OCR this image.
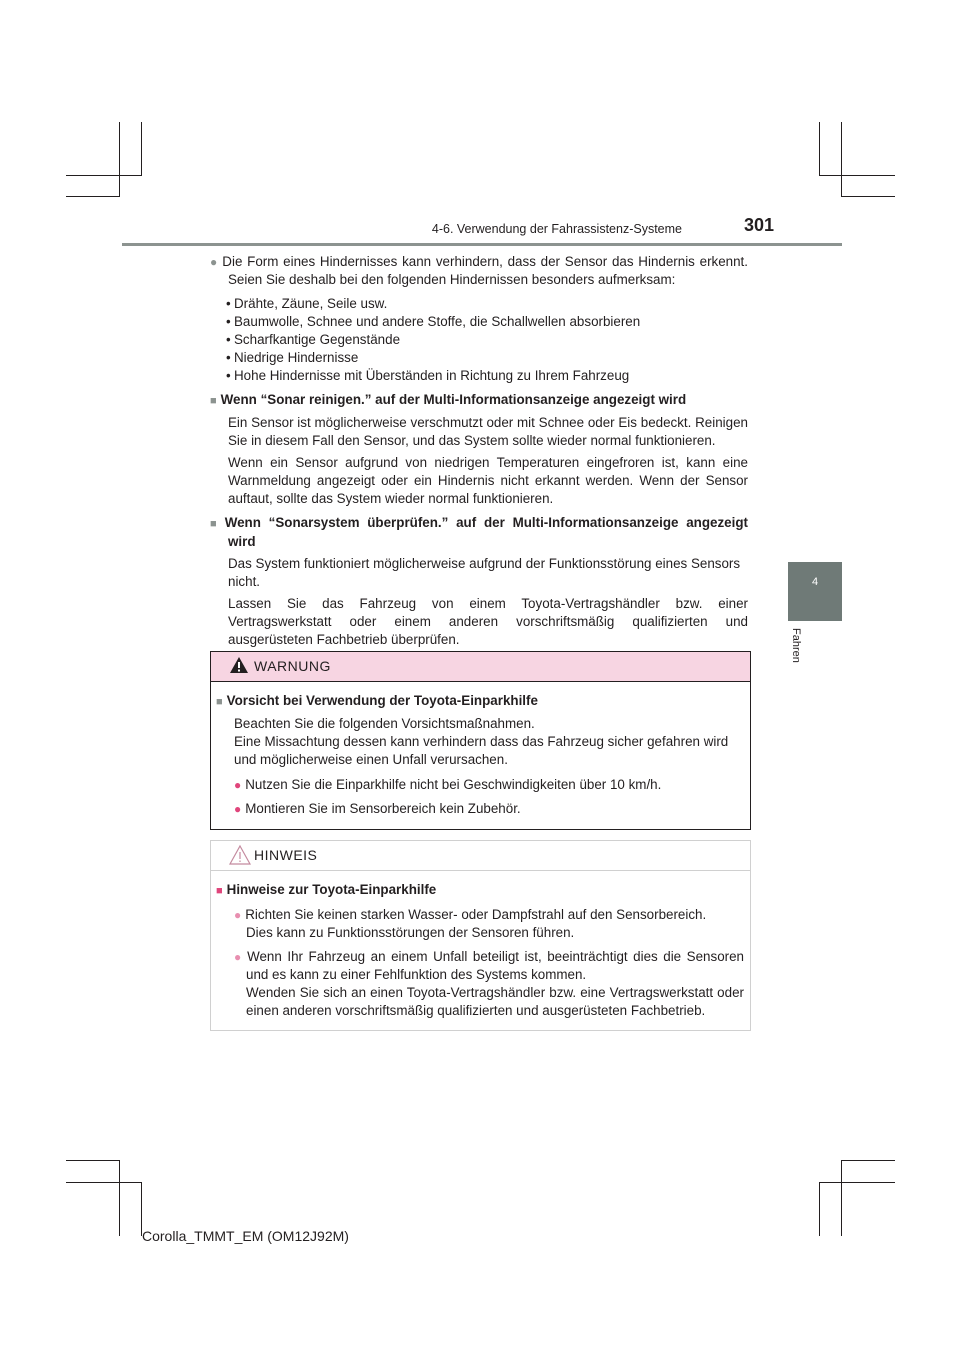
4-6. Verwendung der Fahrassistenz-Systeme	301
4
Fahren

● Die Form eines Hindernisses kann verhindern, dass der Sensor das Hindernis erkennt. Seien Sie deshalb bei den folgenden Hindernissen besonders aufmerksam:

• Drähte, Zäune, Seile usw.
• Baumwolle, Schnee und andere Stoffe, die Schallwellen absorbieren
• Scharfkantige Gegenstände
• Niedrige Hindernisse
• Hohe Hindernisse mit Überständen in Richtung zu Ihrem Fahrzeug

■ Wenn “Sonar reinigen.” auf der Multi-Informationsanzeige angezeigt wird

Ein Sensor ist möglicherweise verschmutzt oder mit Schnee oder Eis bedeckt. Reinigen Sie in diesem Fall den Sensor, und das System sollte wieder normal funktionieren.

Wenn ein Sensor aufgrund von niedrigen Temperaturen eingefroren ist, kann eine Warnmeldung angezeigt oder ein Hindernis nicht erkannt werden. Wenn der Sensor auftaut, sollte das System wieder normal funktionieren.

■ Wenn “Sonarsystem überprüfen.” auf der Multi-Informationsanzeige angezeigt wird

Das System funktioniert möglicherweise aufgrund der Funktionsstörung eines Sensors nicht.

Lassen Sie das Fahrzeug von einem Toyota-Vertragshändler bzw. einer Vertragswerkstatt oder einem anderen vorschriftsmäßig qualifizierten und ausgerüsteten Fachbetrieb überprüfen.

WARNUNG
■ Vorsicht bei Verwendung der Toyota-Einparkhilfe
Beachten Sie die folgenden Vorsichtsmaßnahmen.
Eine Missachtung dessen kann verhindern dass das Fahrzeug sicher gefahren wird und möglicherweise einen Unfall verursachen.
● Nutzen Sie die Einparkhilfe nicht bei Geschwindigkeiten über 10 km/h.
● Montieren Sie im Sensorbereich kein Zubehör.
HINWEIS
■ Hinweise zur Toyota-Einparkhilfe
● Richten Sie keinen starken Wasser- oder Dampfstrahl auf den Sensorbereich.
Dies kann zu Funktionsstörungen der Sensoren führen.
● Wenn Ihr Fahrzeug an einem Unfall beteiligt ist, beeinträchtigt dies die Sensoren und es kann zu einer Fehlfunktion des Systems kommen.
Wenden Sie sich an einen Toyota-Vertragshändler bzw. eine Vertragswerkstatt oder einen anderen vorschriftsmäßig qualifizierten und ausgerüsteten Fachbetrieb.
Corolla_TMMT_EM (OM12J92M)
